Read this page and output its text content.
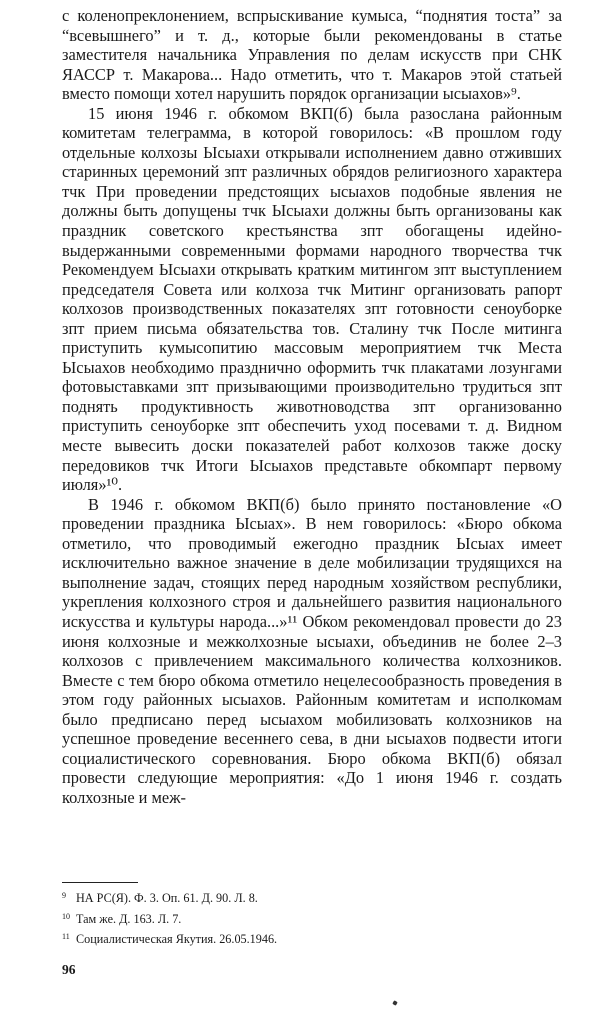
с коленопреклонением, вспрыскивание кумыса, “поднятия тоста” за “всевышнего” и т. д., которые были рекомендованы в статье заместителя начальника Управления по делам искусств при СНК ЯАССР т. Макарова... Надо отметить, что т. Макаров этой статьей вместо помощи хотел нарушить порядок организации ысыахов»⁹.

15 июня 1946 г. обкомом ВКП(б) была разослана районным комитетам телеграмма, в которой говорилось: «В прошлом году отдельные колхозы Ысыахи открывали исполнением давно отживших старинных церемоний зпт различных обрядов религиозного характера тчк При проведении предстоящих ысыахов подобные явления не должны быть допущены тчк Ысыахи должны быть организованы как праздник советского крестьянства зпт обогащены идейно-выдержанными современными формами народного творчества тчк Рекомендуем Ысыахи открывать кратким митингом зпт выступлением председателя Совета или колхоза тчк Митинг организовать рапорт колхозов производственных показателях зпт готовности сеноуборке зпт прием письма обязательства тов. Сталину тчк После митинга приступить кумысопитию массовым мероприятием тчк Места Ысыахов необходимо празднично оформить тчк плакатами лозунгами фотовыставками зпт призывающими производительно трудиться зпт поднять продуктивность животноводства зпт организованно приступить сеноуборке зпт обеспечить уход посевами т. д. Видном месте вывесить доски показателей работ колхозов также доску передовиков тчк Итоги Ысыахов представьте обкомпарт первому июля»¹⁰.

В 1946 г. обкомом ВКП(б) было принято постановление «О проведении праздника Ысыах». В нем говорилось: «Бюро обкома отметило, что проводимый ежегодно праздник Ысыах имеет исключительно важное значение в деле мобилизации трудящихся на выполнение задач, стоящих перед народным хозяйством республики, укрепления колхозного строя и дальнейшего развития национального искусства и культуры народа...»¹¹ Обком рекомендовал провести до 23 июня колхозные и межколхозные ысыахи, объединив не более 2–3 колхозов с привлечением максимального количества колхозников. Вместе с тем бюро обкома отметило нецелесообразность проведения в этом году районных ысыахов. Районным комитетам и исполкомам было предписано перед ысыахом мобилизовать колхозников на успешное проведение весеннего сева, в дни ысыахов подвести итоги социалистического соревнования. Бюро обкома ВКП(б) обязал провести следующие мероприятия: «До 1 июня 1946 г. создать колхозные и меж-

9 НА РС(Я). Ф. 3. Оп. 61. Д. 90. Л. 8.
10 Там же. Д. 163. Л. 7.
11 Социалистическая Якутия. 26.05.1946.
96
